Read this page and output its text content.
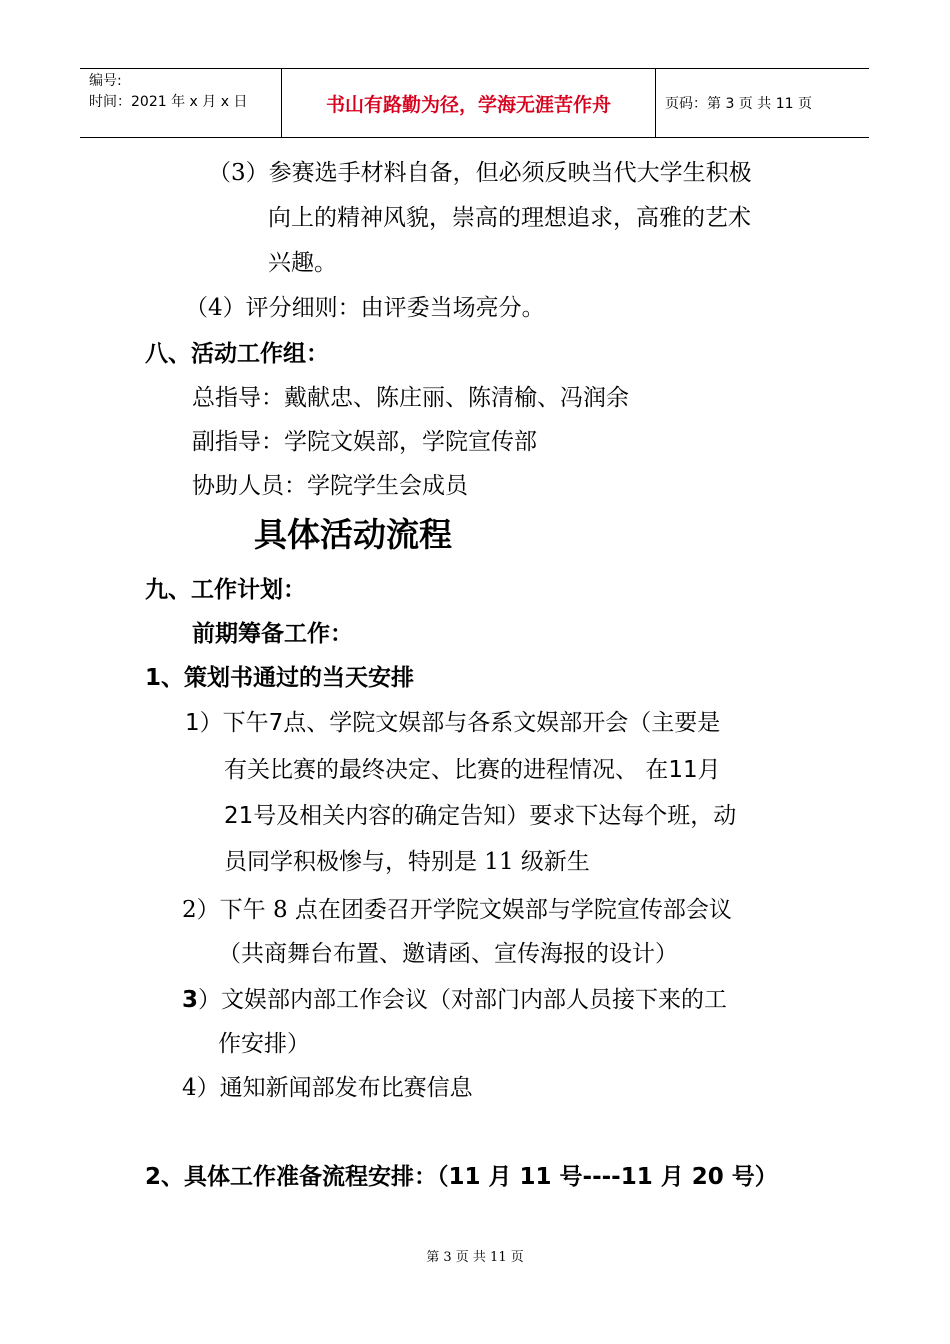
编号:
时间：2021 年 x 月 x 日	书山有路勤为径，学海无涯苦作舟	页码：第 3 页 共 11 页
（3）参赛选手材料自备，但必须反映当代大学生积极
向上的精神风貌，崇高的理想追求，高雅的艺术
兴趣。
（4）评分细则：由评委当场亮分。
八、活动工作组：
总指导：戴献忠、陈庄丽、陈清榆、冯润余
副指导：学院文娱部，学院宣传部
协助人员：学院学生会成员
具体活动流程
九、工作计划：
前期筹备工作：
1、策划书通过的当天安排
1）下午7点、学院文娱部与各系文娱部开会（主要是
有关比赛的最终决定、比赛的进程情况、 在11月
21号及相关内容的确定告知）要求下达每个班，动
员同学积极惨与，特别是 11 级新生
2）下午 8 点在团委召开学院文娱部与学院宣传部会议
（共商舞台布置、邀请函、宣传海报的设计）
3）文娱部内部工作会议（对部门内部人员接下来的工
作安排）
4）通知新闻部发布比赛信息
2、具体工作准备流程安排：（11 月 11 号----11 月 20 号）
第 3 页 共 11 页
